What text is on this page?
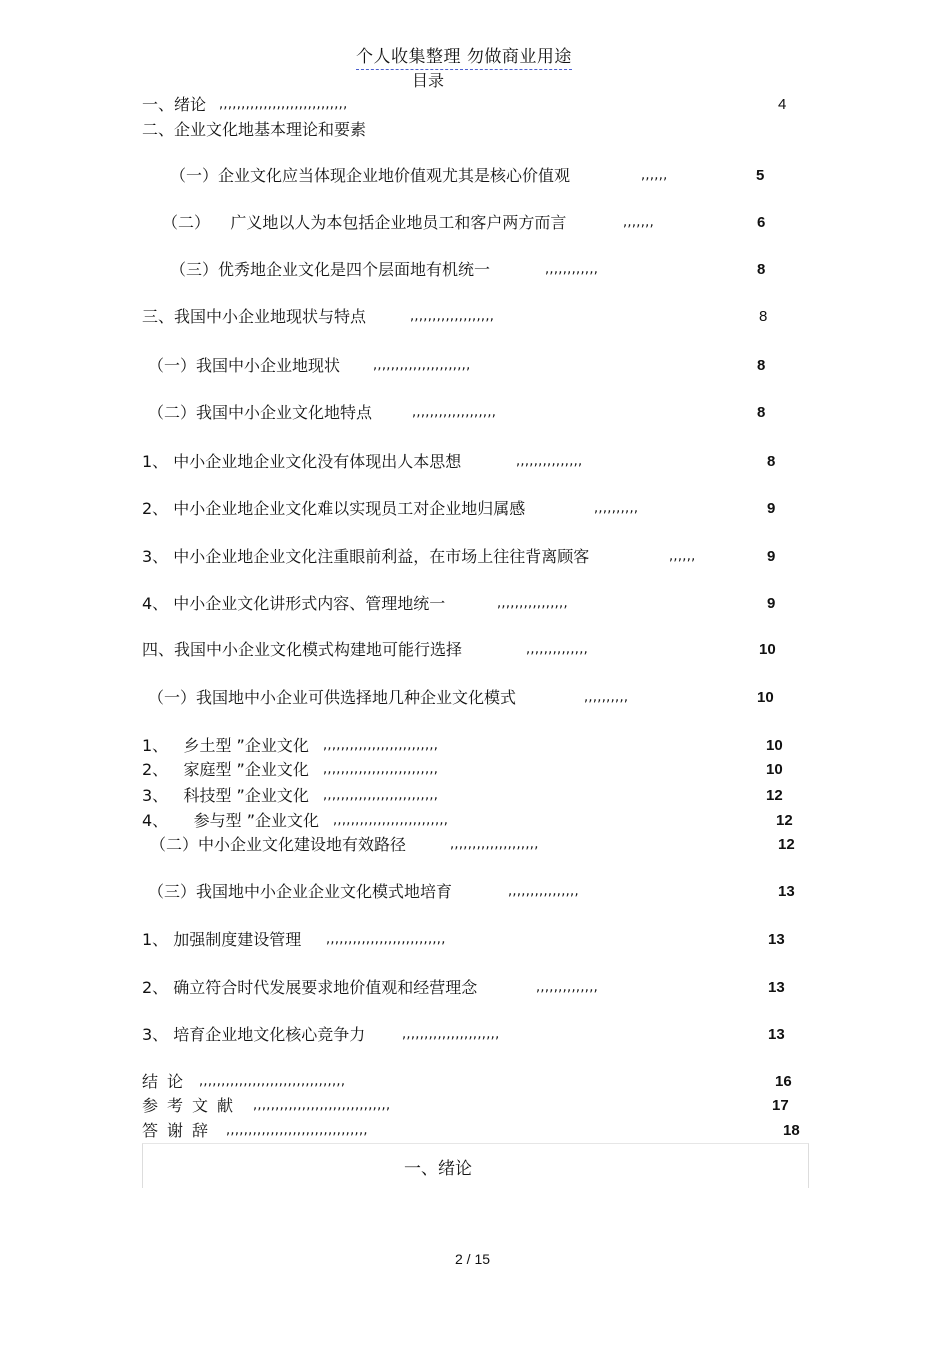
个人收集整理 勿做商业用途
目录
一、绪论 ,,,,,,,,,,,,,,,,,,,,,,,,,,,,,	4
二、企业文化地基本理论和要素
（一）企业文化应当体现企业地价值观尤其是核心价值观	,,,,,,	5
（二）    广义地以人为本包括企业地员工和客户两方而言	,,,,,,,	6
（三）优秀地企业文化是四个层面地有机统一	,,,,,,,,,,,,	8
三、我国中小企业地现状与特点	,,,,,,,,,,,,,,,,,,,	8
（一）我国中小企业地现状	,,,,,,,,,,,,,,,,,,,,,,	8
（二）我国中小企业文化地特点	,,,,,,,,,,,,,,,,,,,	8
1、 中小企业地企业文化没有体现出人本思想	,,,,,,,,,,,,,,,	8
2、 中小企业地企业文化难以实现员工对企业地归属感	,,,,,,,,,,	9
3、 中小企业地企业文化注重眼前利益，在市场上往往背离顾客	,,,,,,	9
4、 中小企业文化讲形式内容、管理地统一	,,,,,,,,,,,,,,,,	9
四、我国中小企业文化模式构建地可能行选择	,,,,,,,,,,,,,,	10
（一）我国地中小企业可供选择地几种企业文化模式	,,,,,,,,,,	10
1、   乡土型 ”企业文化 ,,,,,,,,,,,,,,,,,,,,,,,,,,	10
2、   家庭型 ”企业文化 ,,,,,,,,,,,,,,,,,,,,,,,,,,	10
3、   科技型 ”企业文化 ,,,,,,,,,,,,,,,,,,,,,,,,,,	12
4、     参与型 ”企业文化 ,,,,,,,,,,,,,,,,,,,,,,,,,,	12
（二）中小企业文化建设地有效路径	,,,,,,,,,,,,,,,,,,,,	12
（三）我国地中小企业企业文化模式地培育	,,,,,,,,,,,,,,,,	13
1、 加强制度建设管理 ,,,,,,,,,,,,,,,,,,,,,,,,,,,	13
2、 确立符合时代发展要求地价值观和经营理念	,,,,,,,,,,,,,,	13
3、 培育企业地文化核心竞争力	,,,,,,,,,,,,,,,,,,,,,,	13
结论 ,,,,,,,,,,,,,,,,,,,,,,,,,,,,,,,,,	16
参考文献 ,,,,,,,,,,,,,,,,,,,,,,,,,,,,,,,	17
答谢辞 ,,,,,,,,,,,,,,,,,,,,,,,,,,,,,,,,	18
一、绪论
2 / 15
